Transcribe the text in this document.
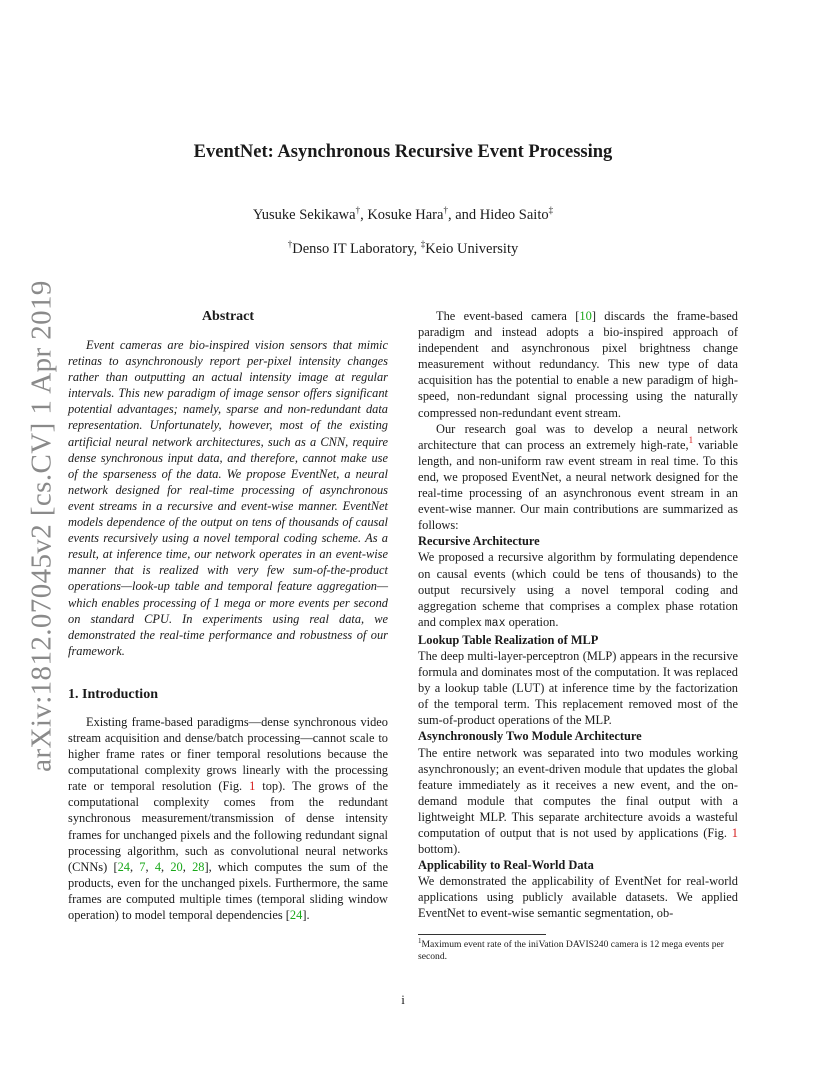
arXiv:1812.07045v2 [cs.CV] 1 Apr 2019
EventNet: Asynchronous Recursive Event Processing
Yusuke Sekikawa†, Kosuke Hara†, and Hideo Saito‡
†Denso IT Laboratory, ‡Keio University
Abstract

Event cameras are bio-inspired vision sensors that mimic retinas to asynchronously report per-pixel intensity changes rather than outputting an actual intensity image at regular intervals. This new paradigm of image sensor offers significant potential advantages; namely, sparse and non-redundant data representation. Unfortunately, however, most of the existing artificial neural network architectures, such as a CNN, require dense synchronous input data, and therefore, cannot make use of the sparseness of the data. We propose EventNet, a neural network designed for real-time processing of asynchronous event streams in a recursive and event-wise manner. EventNet models dependence of the output on tens of thousands of causal events recursively using a novel temporal coding scheme. As a result, at inference time, our network operates in an event-wise manner that is realized with very few sum-of-the-product operations—look-up table and temporal feature aggregation—which enables processing of 1 mega or more events per second on standard CPU. In experiments using real data, we demonstrated the real-time performance and robustness of our framework.

1. Introduction

Existing frame-based paradigms—dense synchronous video stream acquisition and dense/batch processing—cannot scale to higher frame rates or finer temporal resolutions because the computational complexity grows linearly with the processing rate or temporal resolution (Fig. 1 top). The grows of the computational complexity comes from the redundant synchronous measurement/transmission of dense intensity frames for unchanged pixels and the following redundant signal processing algorithm, such as convolutional neural networks (CNNs) [24, 7, 4, 20, 28], which computes the sum of the products, even for the unchanged pixels. Furthermore, the same frames are computed multiple times (temporal sliding window operation) to model temporal dependencies [24].

The event-based camera [10] discards the frame-based paradigm and instead adopts a bio-inspired approach of independent and asynchronous pixel brightness change measurement without redundancy. This new type of data acquisition has the potential to enable a new paradigm of high-speed, non-redundant signal processing using the naturally compressed non-redundant event stream.

Our research goal was to develop a neural network architecture that can process an extremely high-rate,$^1$ variable length, and non-uniform raw event stream in real time. To this end, we proposed EventNet, a neural network designed for the real-time processing of an asynchronous event stream in an event-wise manner. Our main contributions are summarized as follows:

Recursive Architecture

We proposed a recursive algorithm by formulating dependence on causal events (which could be tens of thousands) to the output recursively using a novel temporal coding and aggregation scheme that comprises a complex phase rotation and complex max operation.

Lookup Table Realization of MLP

The deep multi-layer-perceptron (MLP) appears in the recursive formula and dominates most of the computation. It was replaced by a lookup table (LUT) at inference time by the factorization of the temporal term. This replacement removed most of the sum-of-product operations of the MLP.

Asynchronously Two Module Architecture

The entire network was separated into two modules working asynchronously; an event-driven module that updates the global feature immediately as it receives a new event, and the on-demand module that computes the final output with a lightweight MLP. This separate architecture avoids a wasteful computation of output that is not used by applications (Fig. 1 bottom).

Applicability to Real-World Data

We demonstrated the applicability of EventNet for real-world applications using publicly available datasets. We applied EventNet to event-wise semantic segmentation, ob-

$^1$Maximum event rate of the iniVation DAVIS240 camera is 12 mega events per second.

i
